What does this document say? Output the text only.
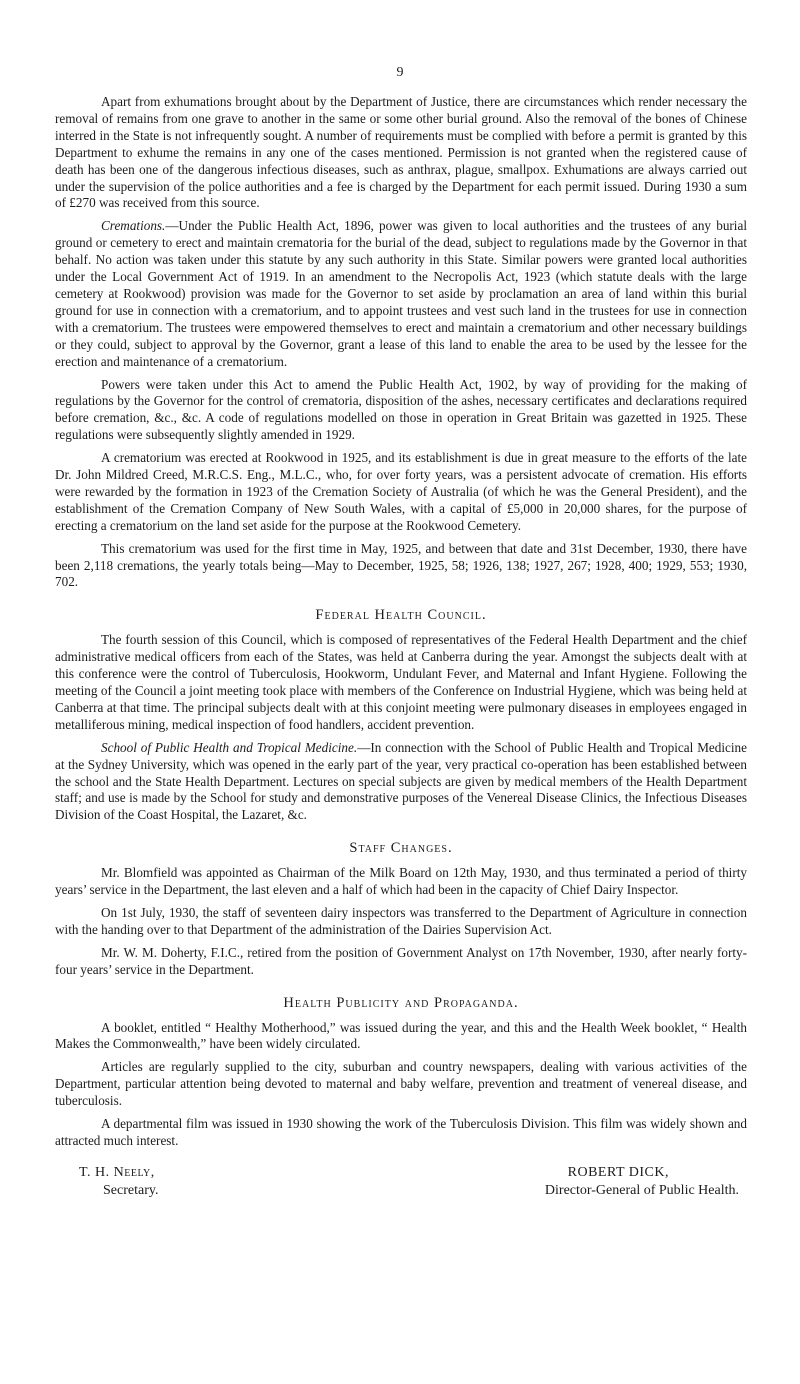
9

Apart from exhumations brought about by the Department of Justice, there are circumstances which render necessary the removal of remains from one grave to another in the same or some other burial ground. Also the removal of the bones of Chinese interred in the State is not infrequently sought. A number of requirements must be complied with before a permit is granted by this Department to exhume the remains in any one of the cases mentioned. Permission is not granted when the registered cause of death has been one of the dangerous infectious diseases, such as anthrax, plague, smallpox. Exhumations are always carried out under the supervision of the police authorities and a fee is charged by the Department for each permit issued. During 1930 a sum of £270 was received from this source.

Cremations.—Under the Public Health Act, 1896, power was given to local authorities and the trustees of any burial ground or cemetery to erect and maintain crematoria for the burial of the dead, subject to regulations made by the Governor in that behalf. No action was taken under this statute by any such authority in this State. Similar powers were granted local authorities under the Local Government Act of 1919. In an amendment to the Necropolis Act, 1923 (which statute deals with the large cemetery at Rookwood) provision was made for the Governor to set aside by proclamation an area of land within this burial ground for use in connection with a crematorium, and to appoint trustees and vest such land in the trustees for use in connection with a crematorium. The trustees were empowered themselves to erect and maintain a crematorium and other necessary buildings or they could, subject to approval by the Governor, grant a lease of this land to enable the area to be used by the lessee for the erection and maintenance of a crematorium.

Powers were taken under this Act to amend the Public Health Act, 1902, by way of providing for the making of regulations by the Governor for the control of crematoria, disposition of the ashes, necessary certificates and declarations required before cremation, &c., &c. A code of regulations modelled on those in operation in Great Britain was gazetted in 1925. These regulations were subsequently slightly amended in 1929.

A crematorium was erected at Rookwood in 1925, and its establishment is due in great measure to the efforts of the late Dr. John Mildred Creed, M.R.C.S. Eng., M.L.C., who, for over forty years, was a persistent advocate of cremation. His efforts were rewarded by the formation in 1923 of the Cremation Society of Australia (of which he was the General President), and the establishment of the Cremation Company of New South Wales, with a capital of £5,000 in 20,000 shares, for the purpose of erecting a crematorium on the land set aside for the purpose at the Rookwood Cemetery.

This crematorium was used for the first time in May, 1925, and between that date and 31st December, 1930, there have been 2,118 cremations, the yearly totals being—May to December, 1925, 58; 1926, 138; 1927, 267; 1928, 400; 1929, 553; 1930, 702.

Federal Health Council.

The fourth session of this Council, which is composed of representatives of the Federal Health Department and the chief administrative medical officers from each of the States, was held at Canberra during the year. Amongst the subjects dealt with at this conference were the control of Tuberculosis, Hookworm, Undulant Fever, and Maternal and Infant Hygiene. Following the meeting of the Council a joint meeting took place with members of the Conference on Industrial Hygiene, which was being held at Canberra at that time. The principal subjects dealt with at this conjoint meeting were pulmonary diseases in employees engaged in metalliferous mining, medical inspection of food handlers, accident prevention.

School of Public Health and Tropical Medicine.—In connection with the School of Public Health and Tropical Medicine at the Sydney University, which was opened in the early part of the year, very practical co-operation has been established between the school and the State Health Department. Lectures on special subjects are given by medical members of the Health Department staff; and use is made by the School for study and demonstrative purposes of the Venereal Disease Clinics, the Infectious Diseases Division of the Coast Hospital, the Lazaret, &c.

Staff Changes.

Mr. Blomfield was appointed as Chairman of the Milk Board on 12th May, 1930, and thus terminated a period of thirty years’ service in the Department, the last eleven and a half of which had been in the capacity of Chief Dairy Inspector.

On 1st July, 1930, the staff of seventeen dairy inspectors was transferred to the Department of Agriculture in connection with the handing over to that Department of the administration of the Dairies Supervision Act.

Mr. W. M. Doherty, F.I.C., retired from the position of Government Analyst on 17th November, 1930, after nearly forty-four years’ service in the Department.

Health Publicity and Propaganda.

A booklet, entitled “ Healthy Motherhood,” was issued during the year, and this and the Health Week booklet, “ Health Makes the Commonwealth,” have been widely circulated.

Articles are regularly supplied to the city, suburban and country newspapers, dealing with various activities of the Department, particular attention being devoted to maternal and baby welfare, prevention and treatment of venereal disease, and tuberculosis.

A departmental film was issued in 1930 showing the work of the Tuberculosis Division. This film was widely shown and attracted much interest.

T. H. Neely,
Secretary.
ROBERT DICK,
Director-General of Public Health.
